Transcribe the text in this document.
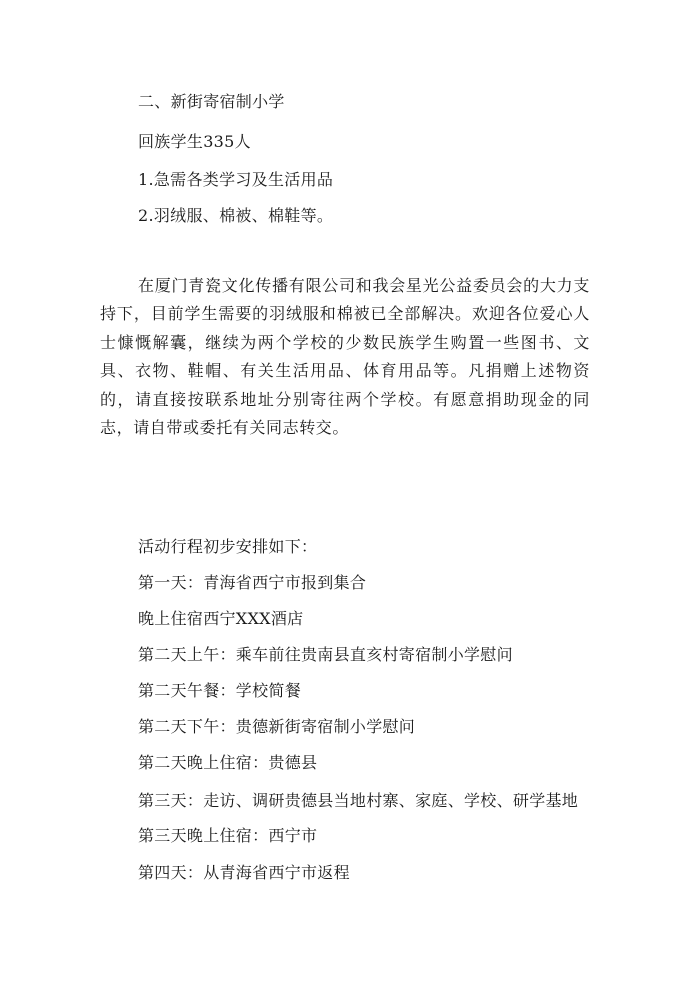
二、新街寄宿制小学
回族学生335人
1.急需各类学习及生活用品
2.羽绒服、棉被、棉鞋等。
在厦门青瓷文化传播有限公司和我会星光公益委员会的大力支持下，目前学生需要的羽绒服和棉被已全部解决。欢迎各位爱心人士慷慨解囊，继续为两个学校的少数民族学生购置一些图书、文具、衣物、鞋帽、有关生活用品、体育用品等。凡捐赠上述物资的，请直接按联系地址分别寄往两个学校。有愿意捐助现金的同志，请自带或委托有关同志转交。
活动行程初步安排如下：
第一天：青海省西宁市报到集合
晚上住宿西宁XXX酒店
第二天上午：乘车前往贵南县直亥村寄宿制小学慰问
第二天午餐：学校简餐
第二天下午：贵德新街寄宿制小学慰问
第二天晚上住宿：贵德县
第三天：走访、调研贵德县当地村寨、家庭、学校、研学基地
第三天晚上住宿：西宁市
第四天：从青海省西宁市返程
